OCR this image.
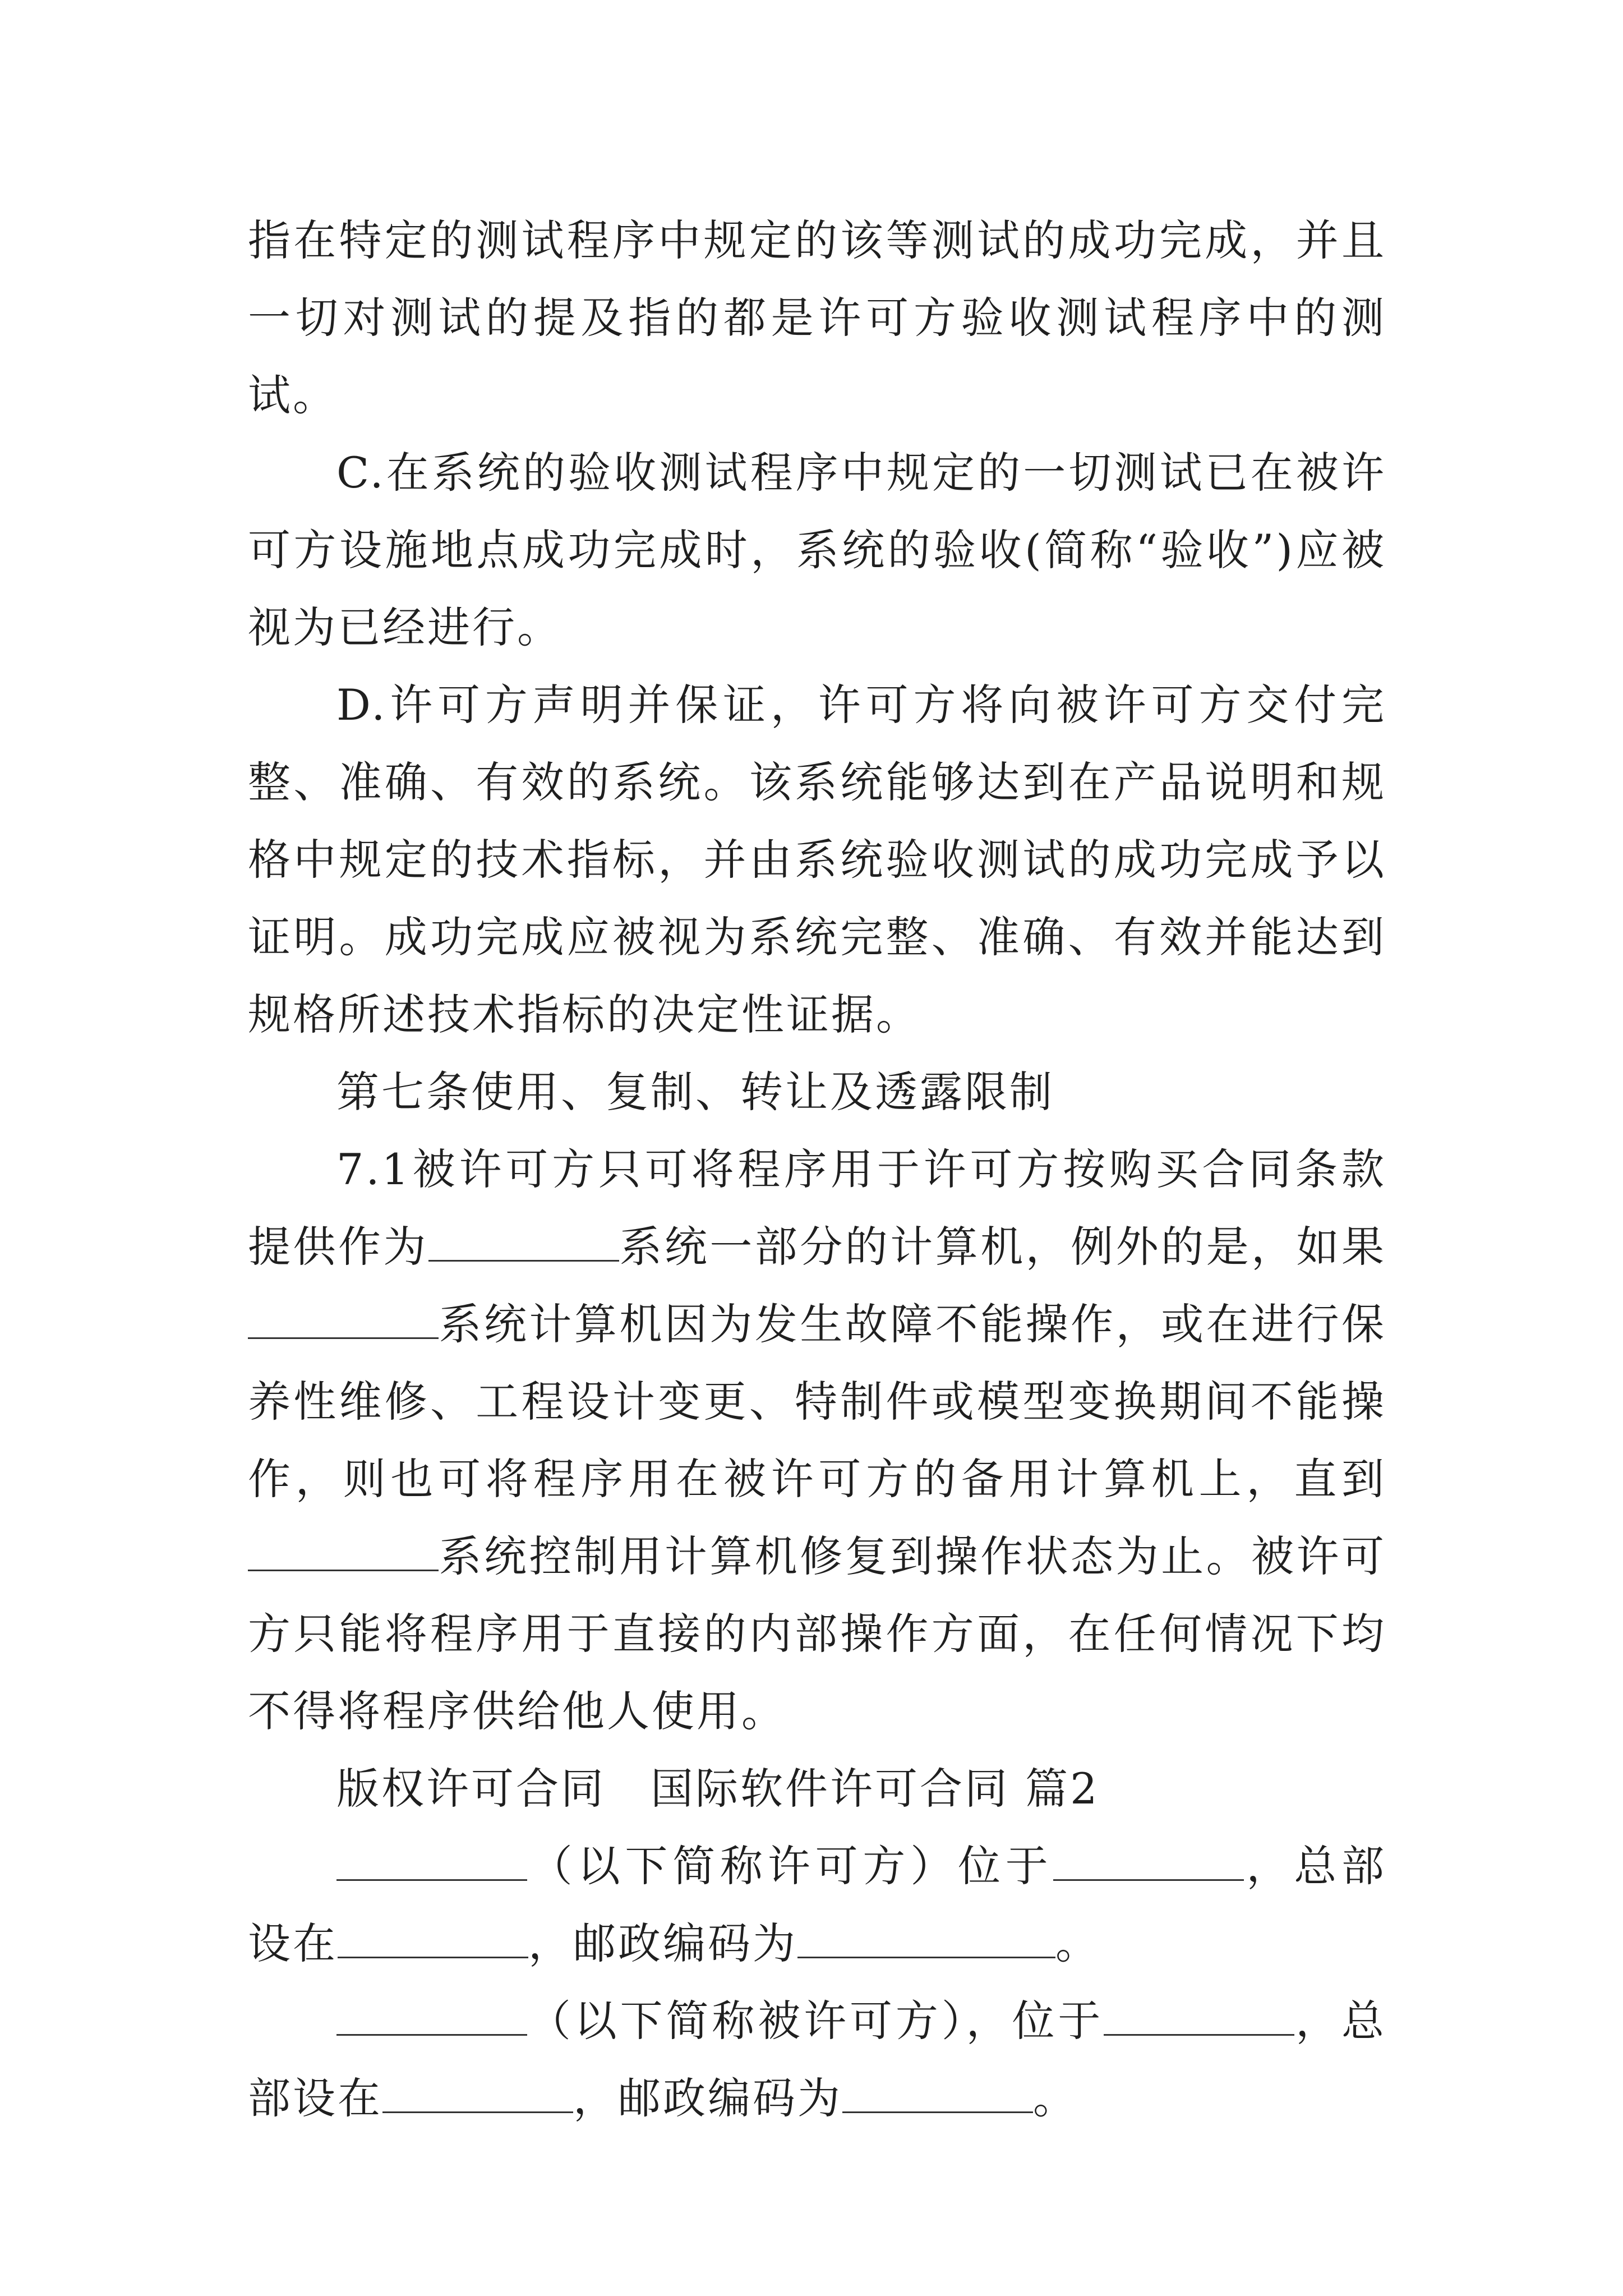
指在特定的测试程序中规定的该等测试的成功完成，并且一切对测试的提及指的都是许可方验收测试程序中的测试。

C.在系统的验收测试程序中规定的一切测试已在被许可方设施地点成功完成时，系统的验收(简称“验收”)应被视为已经进行。

D.许可方声明并保证，许可方将向被许可方交付完整、准确、有效的系统。该系统能够达到在产品说明和规格中规定的技术指标，并由系统验收测试的成功完成予以证明。成功完成应被视为系统完整、准确、有效并能达到规格所述技术指标的决定性证据。

第七条使用、复制、转让及透露限制

7.1被许可方只可将程序用于许可方按购买合同条款提供作为	系统一部分的计算机，例外的是，如果系统计算机因为发生故障不能操作，或在进行保养性维修、工程设计变更、特制件或模型变换期间不能操作，则也可将程序用在被许可方的备用计算机上，直到系统控制用计算机修复到操作状态为止。被许可方只能将程序用于直接的内部操作方面，在任何情况下均不得将程序供给他人使用。

版权许可合同　国际软件许可合同 篇2

（以下简称许可方）位于	，总部设在	，邮政编码为	。

（以下简称被许可方），位于	，总部设在	，邮政编码为	。
